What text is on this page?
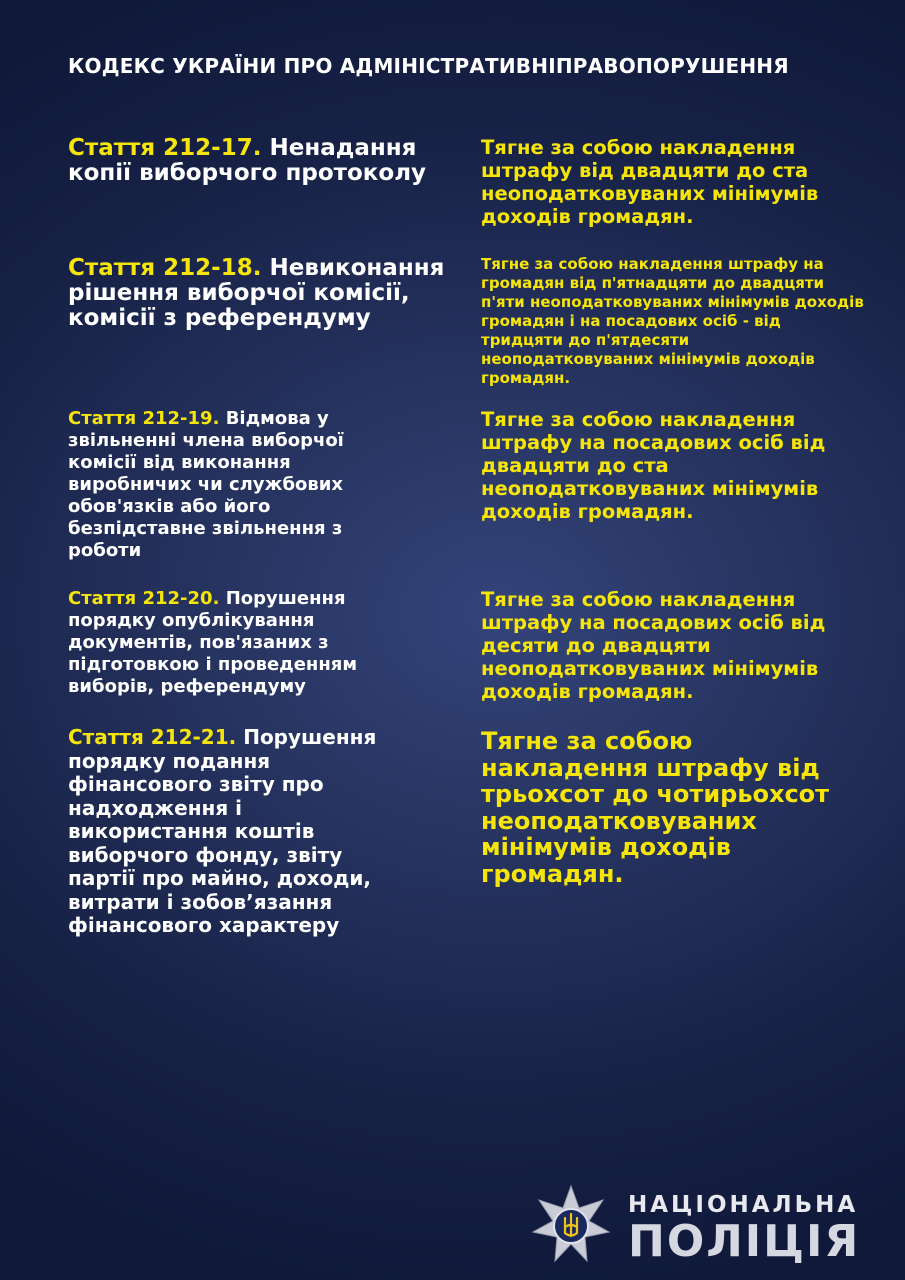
КОДЕКС УКРАЇНИ ПРО АДМІНІСТРАТИВНІПРАВОПОРУШЕННЯ
Стаття 212-17. Ненадання копії виборчого протоколу
Тягне за собою накладення штрафу від двадцяти до ста неоподатковуваних мінімумів доходів громадян.
Стаття 212-18. Невиконання рішення виборчої комісії, комісії з референдуму
Тягне за собою накладення штрафу на громадян від п'ятнадцяти до двадцяти п'яти неоподатковуваних мінімумів доходів громадян і на посадових осіб - від тридцяти до п'ятдесяти неоподатковуваних мінімумів доходів громадян.
Стаття 212-19. Відмова у звільненні члена виборчої комісії від виконання виробничих чи службових обов'язків або його безпідставне звільнення з роботи
Тягне за собою накладення штрафу на посадових осіб від двадцяти до ста неоподатковуваних мінімумів доходів громадян.
Стаття 212-20. Порушення порядку опублікування документів, пов'язаних з підготовкою і проведенням виборів, референдуму
Тягне за собою накладення штрафу на посадових осіб від десяти до двадцяти неоподатковуваних мінімумів доходів громадян.
Стаття 212-21. Порушення порядку подання фінансового звіту про надходження і використання коштів виборчого фонду, звіту партії про майно, доходи, витрати і зобов’язання фінансового характеру
Тягне за собою накладення штрафу від трьохсот до чотирьохсот неоподатковуваних мінімумів доходів громадян.
НАЦІОНАЛЬНА
ПОЛІЦІЯ
